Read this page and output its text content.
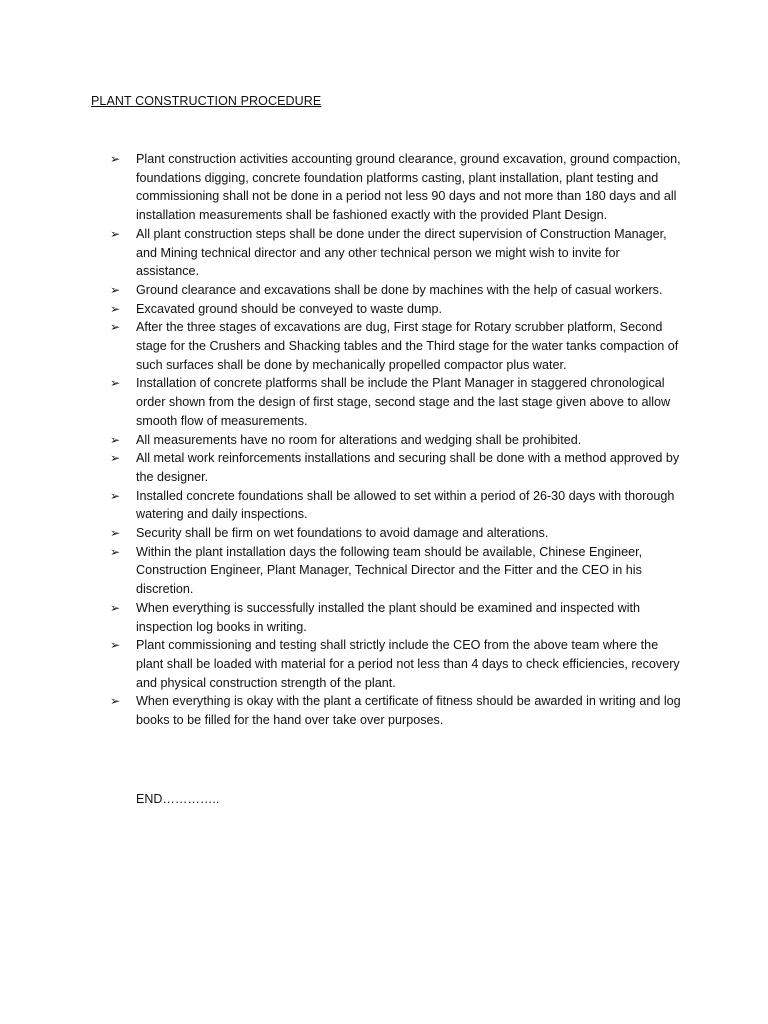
PLANT CONSTRUCTION PROCEDURE
➢	Plant construction activities accounting ground clearance, ground excavation, ground compaction, foundations digging, concrete foundation platforms casting, plant installation, plant testing and commissioning shall not be done in a period not less 90 days and not more than 180 days and all installation measurements shall be fashioned exactly with the provided Plant Design.
➢	All plant construction steps shall be done under the direct supervision of Construction Manager, and Mining technical director and any other technical person we might wish to invite for assistance.
➢	Ground clearance and excavations shall be done by machines with the help of casual workers.
➢	Excavated ground should be conveyed to waste dump.
➢	After the three stages of excavations are dug, First stage for Rotary scrubber platform, Second stage for the Crushers and Shacking tables and the Third stage for the water tanks compaction of such surfaces shall be done by mechanically propelled compactor plus water.
➢	Installation of concrete platforms shall be include the Plant Manager in staggered chronological order shown from the design of first stage, second stage and the last stage given above to allow smooth flow of measurements.
➢	All measurements have no room for alterations and wedging shall be prohibited.
➢	All metal work reinforcements installations and securing shall be done with a method approved by the designer.
➢	Installed concrete foundations shall be allowed to set within a period of 26-30 days with thorough watering and daily inspections.
➢	Security shall be firm on wet foundations to avoid damage and alterations.
➢	Within the plant installation days the following team should be available, Chinese Engineer, Construction Engineer, Plant Manager, Technical Director and the Fitter and the CEO in his discretion.
➢	When everything is successfully installed the plant should be examined and inspected with inspection log books in writing.
➢	Plant commissioning and testing shall strictly include the CEO from the above team where the plant shall be loaded with material for a period not less than 4 days to check efficiencies, recovery and physical construction strength of the plant.
➢	When everything is okay with the plant a certificate of fitness should be awarded in writing and log books to be filled for the hand over take over purposes.
END…………..
